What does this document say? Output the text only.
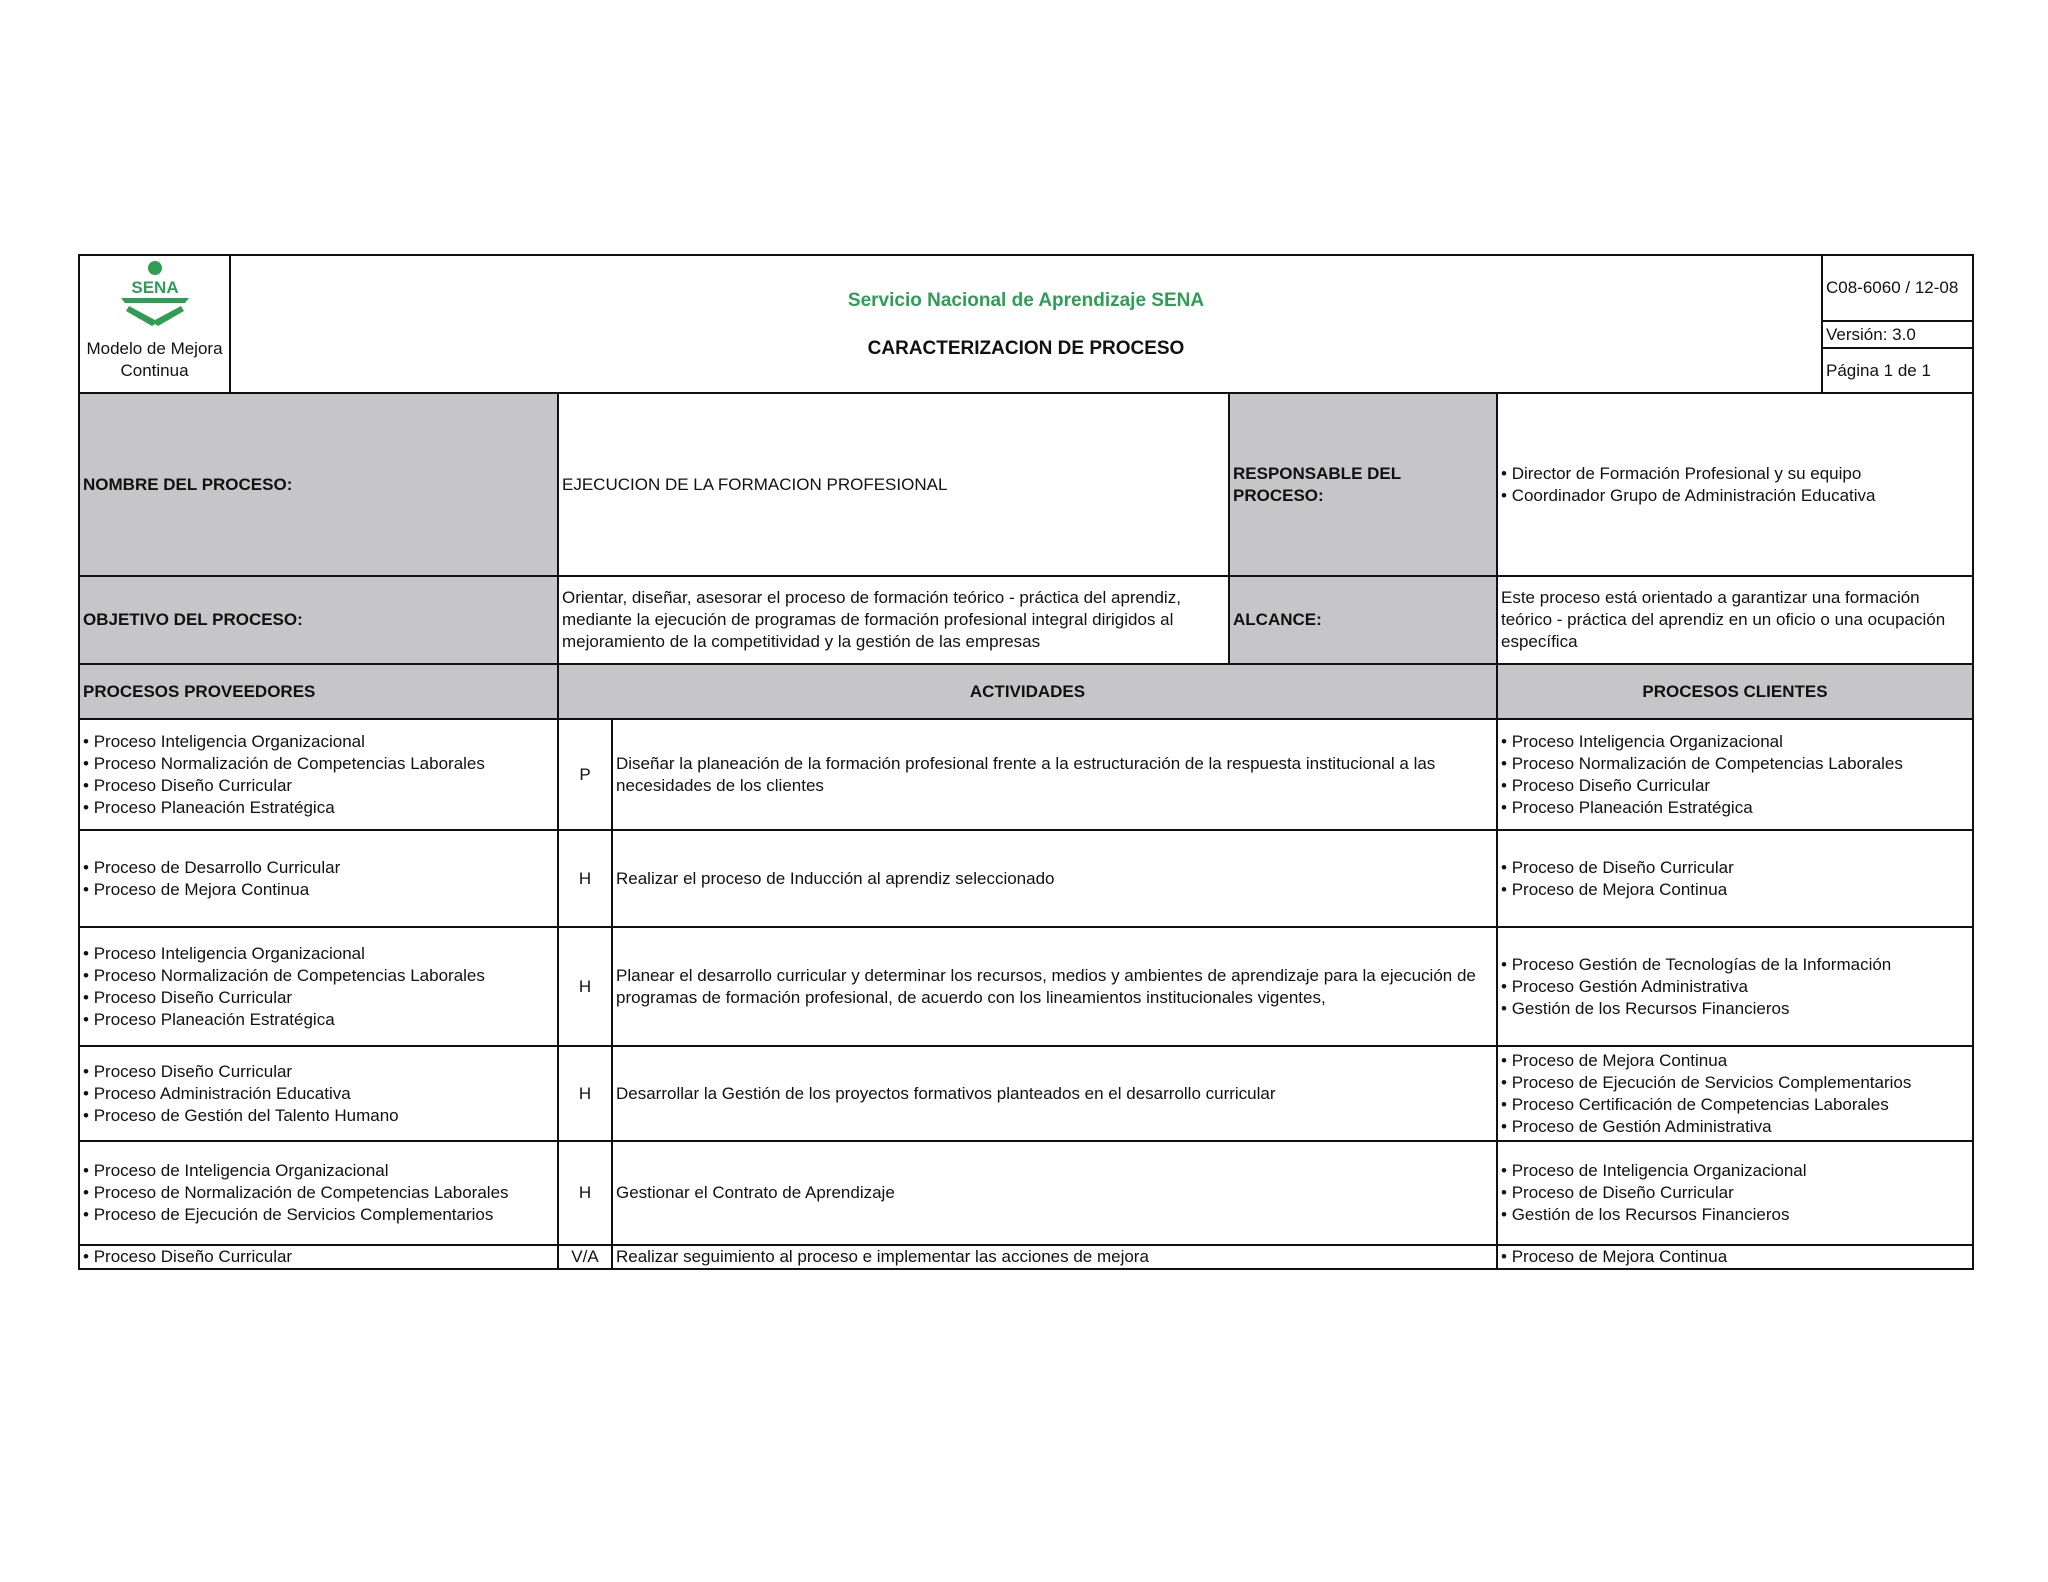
SENA
Modelo de Mejora Continua
Servicio Nacional de Aprendizaje SENA
CARACTERIZACION DE PROCESO
C08-6060 / 12-08
Versión: 3.0
Página 1 de 1
NOMBRE DEL PROCESO:	EJECUCION DE LA FORMACION PROFESIONAL
RESPONSABLE DEL PROCESO:
• Director de Formación Profesional y su equipo
• Coordinador Grupo de Administración Educativa
OBJETIVO DEL PROCESO:
Orientar, diseñar, asesorar el proceso de formación teórico - práctica del aprendiz, mediante la ejecución de programas de formación profesional integral dirigidos al mejoramiento de la competitividad y la gestión de las empresas
ALCANCE:
Este proceso está orientado a garantizar una formación teórico - práctica del aprendiz en un oficio o una ocupación específica
PROCESOS PROVEEDORES	ACTIVIDADES	PROCESOS CLIENTES
• Proceso Inteligencia Organizacional
• Proceso Normalización de Competencias Laborales
• Proceso Diseño Curricular
• Proceso Planeación Estratégica
P
Diseñar la planeación de la formación profesional frente a la estructuración de la respuesta institucional a las necesidades de los clientes
• Proceso Inteligencia Organizacional
• Proceso Normalización de Competencias Laborales
• Proceso Diseño Curricular
• Proceso Planeación Estratégica
• Proceso de Desarrollo Curricular
• Proceso de Mejora Continua
H	Realizar el proceso de Inducción al aprendiz seleccionado
• Proceso de Diseño Curricular
• Proceso de Mejora Continua
• Proceso Inteligencia Organizacional
• Proceso Normalización de Competencias Laborales
• Proceso Diseño Curricular
• Proceso Planeación Estratégica
H
Planear el desarrollo curricular y determinar los recursos, medios y ambientes de aprendizaje para la ejecución de programas de formación profesional, de acuerdo con los lineamientos institucionales vigentes,
• Proceso Gestión de Tecnologías de la Información
• Proceso Gestión Administrativa
• Gestión de los Recursos Financieros
• Proceso Diseño Curricular
• Proceso Administración Educativa
• Proceso de Gestión del Talento Humano
H	Desarrollar la Gestión de los proyectos formativos planteados en el desarrollo curricular
• Proceso de Mejora Continua
• Proceso de Ejecución de Servicios Complementarios
• Proceso Certificación de Competencias Laborales
• Proceso de Gestión Administrativa
• Proceso de Inteligencia Organizacional
• Proceso de Normalización de Competencias Laborales
• Proceso de Ejecución de Servicios Complementarios
H	Gestionar el Contrato de Aprendizaje
• Proceso de Inteligencia Organizacional
• Proceso de Diseño Curricular
• Gestión de los Recursos Financieros
• Proceso Diseño Curricular	V/A	Realizar seguimiento al proceso e implementar las acciones de mejora
•	Proceso de Mejora Continua
